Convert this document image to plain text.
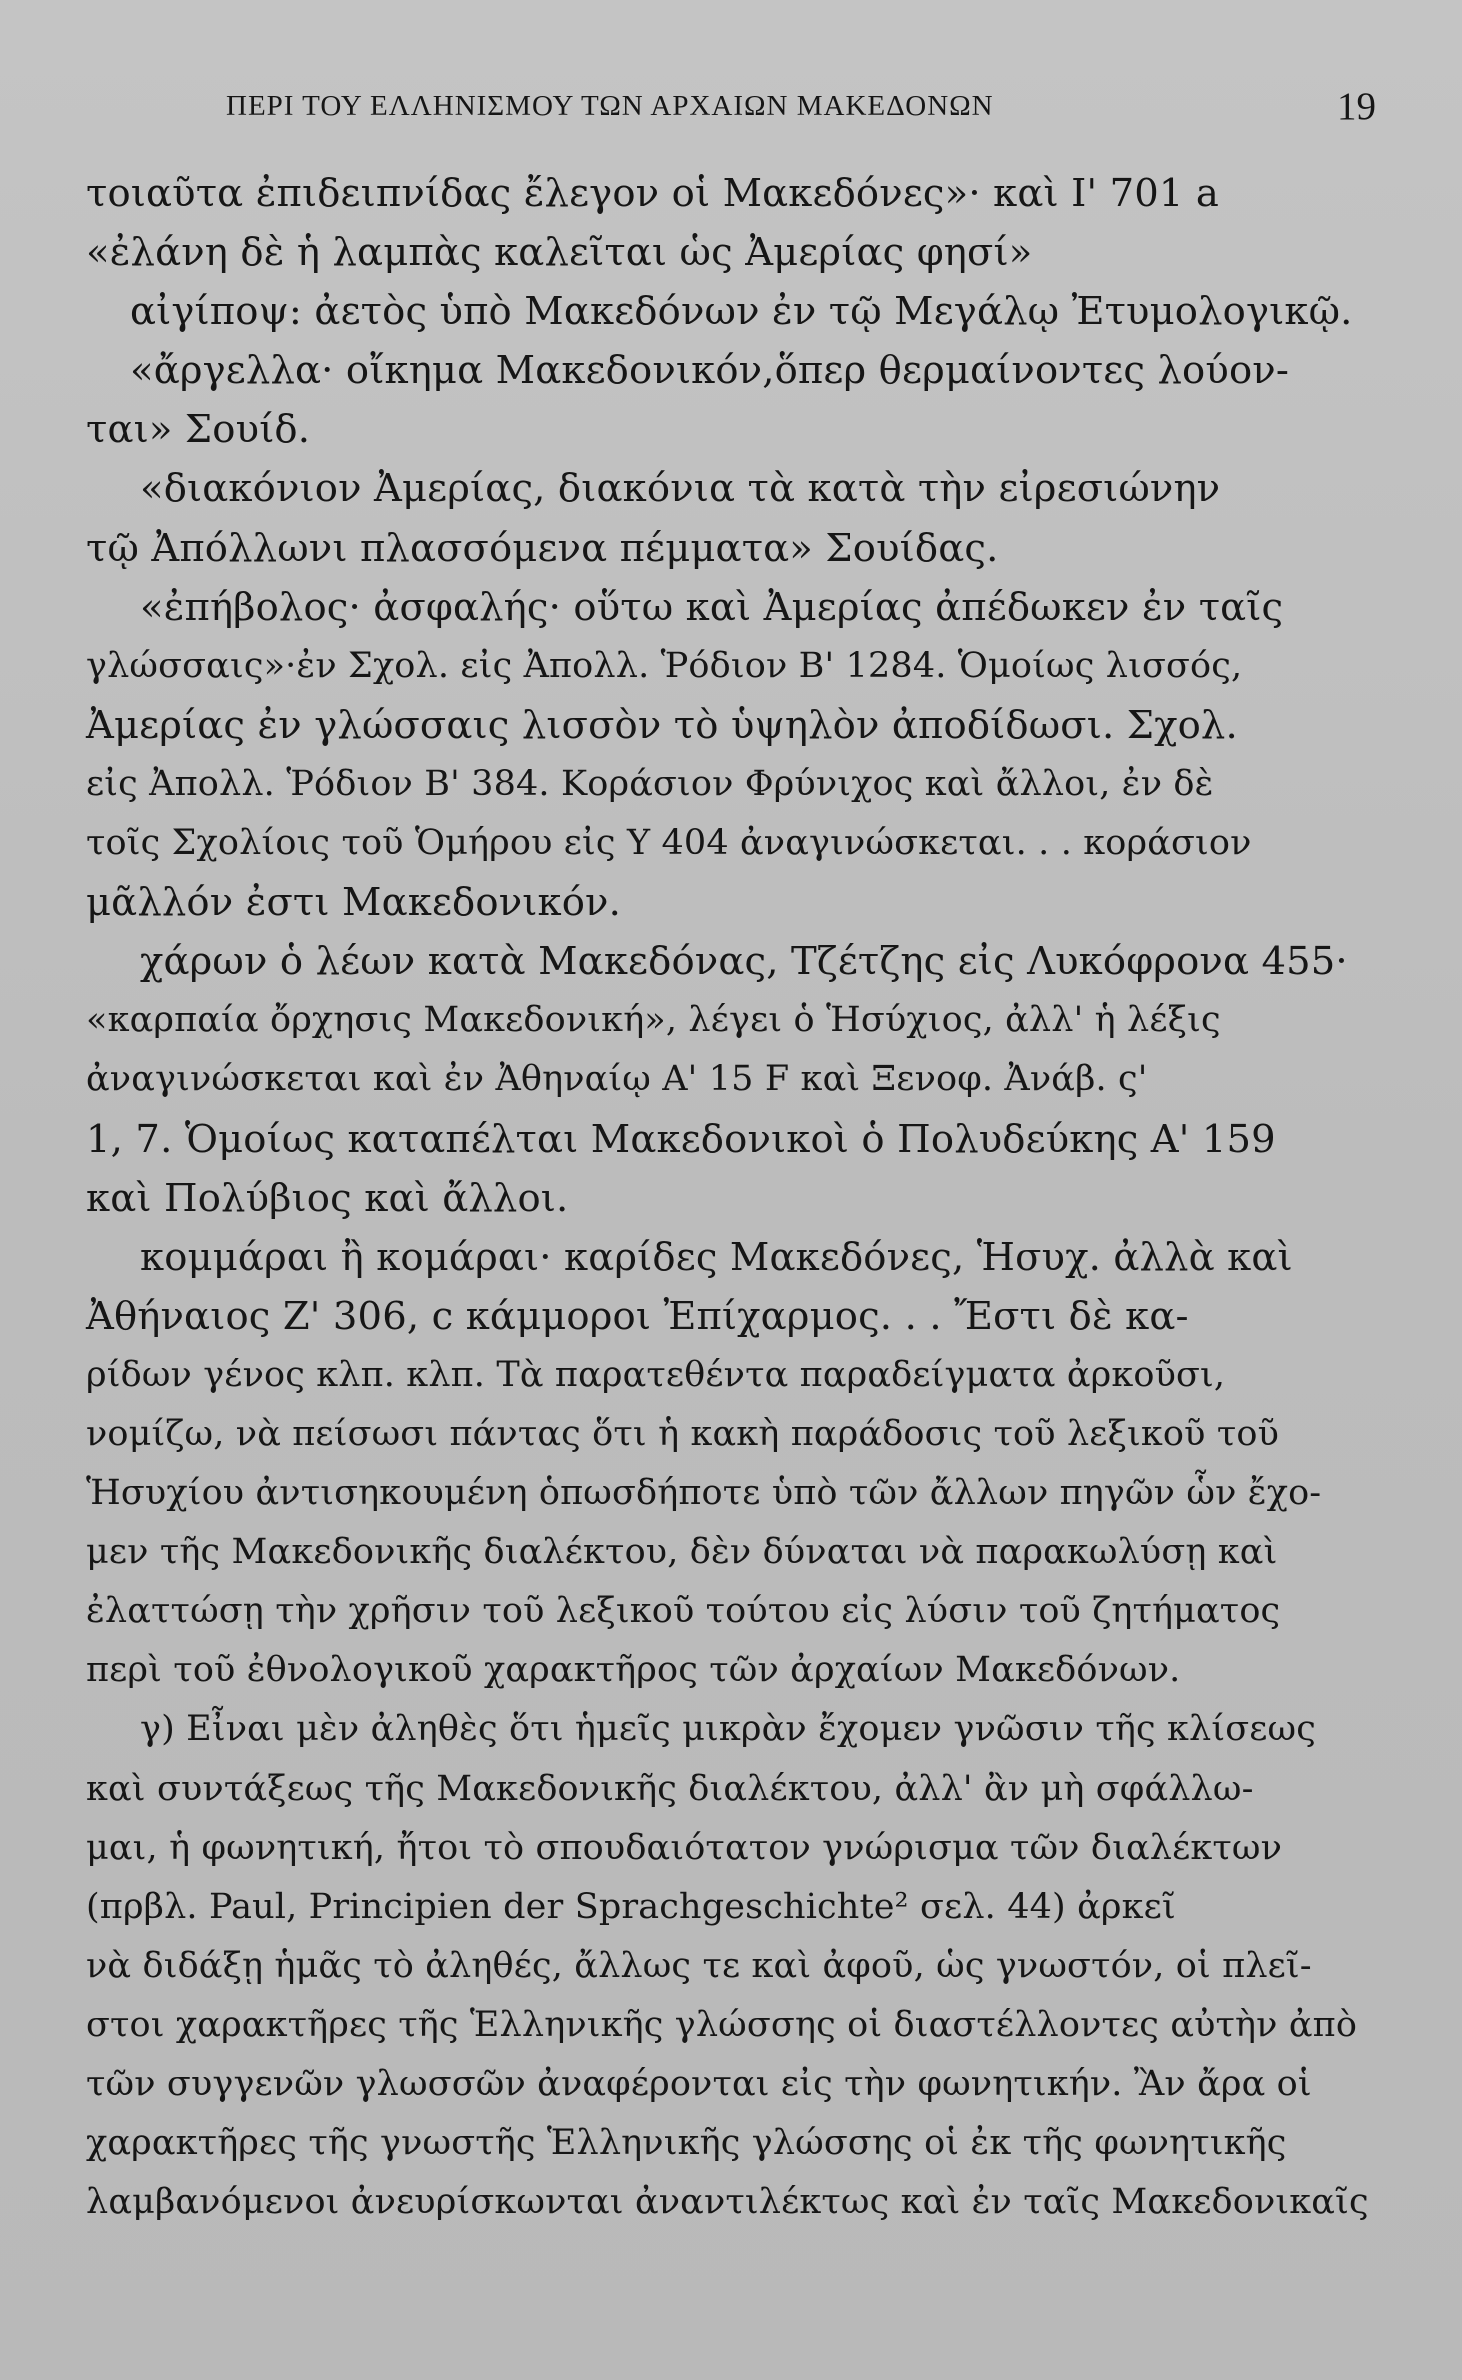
ΠΕΡΙ ΤΟΥ ΕΛΛΗΝΙΣΜΟΥ ΤΩΝ ΑΡΧΑΙΩΝ ΜΑΚΕΔΟΝΩΝ	19
τοιαῦτα ἐπιδειπνίδας ἔλεγον οἱ Μακεδόνες»· καὶ Ι' 701 a
«ἐλάνη δὲ ἡ λαμπὰς καλεῖται ὡς Ἀμερίας φησί»
αἰγίποψ: ἀετὸς ὑπὸ Μακεδόνων ἐν τῷ Μεγάλῳ Ἐτυμολογικῷ.
«ἄργελλα· οἴκημα Μακεδονικόν,ὅπερ θερμαίνοντες λούον-
ται» Σουίδ.
«διακόνιον Ἀμερίας, διακόνια τὰ κατὰ τὴν εἰρεσιώνην
τῷ Ἀπόλλωνι πλασσόμενα πέμματα» Σουίδας.
«ἐπήβολος· ἀσφαλής· οὕτω καὶ Ἀμερίας ἀπέδωκεν ἐν ταῖς
γλώσσαις»·ἐν Σχολ. εἰς Ἀπολλ. Ῥόδιον Β' 1284. Ὁμοίως λισσός,
Ἀμερίας ἐν γλώσσαις λισσὸν τὸ ὑψηλὸν ἀποδίδωσι. Σχολ.
εἰς Ἀπολλ. Ῥόδιον Β' 384. Κοράσιον Φρύνιχος καὶ ἄλλοι, ἐν δὲ
τοῖς Σχολίοις τοῦ Ὁμήρου εἰς Υ 404 ἀναγινώσκεται. . . κοράσιον
μᾶλλόν ἐστι Μακεδονικόν.
χάρων ὁ λέων κατὰ Μακεδόνας, Τζέτζης εἰς Λυκόφρονα 455·
«καρπαία ὄρχησις Μακεδονική», λέγει ὁ Ἡσύχιος, ἀλλ' ἡ λέξις
ἀναγινώσκεται καὶ ἐν Ἀθηναίῳ Α' 15 F καὶ Ξενοφ. Ἀνάβ. ς'
1, 7. Ὁμοίως καταπέλται Μακεδονικοὶ ὁ Πολυδεύκης Α' 159
καὶ Πολύβιος καὶ ἄλλοι.
κομμάραι ἢ κομάραι· καρίδες Μακεδόνες, Ἡσυχ. ἀλλὰ καὶ
Ἀθήναιος Ζ' 306, c κάμμοροι Ἐπίχαρμος. . . Ἔστι δὲ κα-
ρίδων γένος κλπ. κλπ. Τὰ παρατεθέντα παραδείγματα ἀρκοῦσι,
νομίζω, νὰ πείσωσι πάντας ὅτι ἡ κακὴ παράδοσις τοῦ λεξικοῦ τοῦ
Ἡσυχίου ἀντισηκουμένη ὁπωσδήποτε ὑπὸ τῶν ἄλλων πηγῶν ὧν ἔχο-
μεν τῆς Μακεδονικῆς διαλέκτου, δὲν δύναται νὰ παρακωλύσῃ καὶ
ἐλαττώσῃ τὴν χρῆσιν τοῦ λεξικοῦ τούτου εἰς λύσιν τοῦ ζητήματος
περὶ τοῦ ἐθνολογικοῦ χαρακτῆρος τῶν ἀρχαίων Μακεδόνων.
γ) Εἶναι μὲν ἀληθὲς ὅτι ἡμεῖς μικρὰν ἔχομεν γνῶσιν τῆς κλίσεως
καὶ συντάξεως τῆς Μακεδονικῆς διαλέκτου, ἀλλ' ἂν μὴ σφάλλω-
μαι, ἡ φωνητική, ἤτοι τὸ σπουδαιότατον γνώρισμα τῶν διαλέκτων
(πρβλ. Paul, Principien der Sprachgeschichte² σελ. 44) ἀρκεῖ
νὰ διδάξῃ ἡμᾶς τὸ ἀληθές, ἄλλως τε καὶ ἀφοῦ, ὡς γνωστόν, οἱ πλεῖ-
στοι χαρακτῆρες τῆς Ἑλληνικῆς γλώσσης οἱ διαστέλλοντες αὐτὴν ἀπὸ
τῶν συγγενῶν γλωσσῶν ἀναφέρονται εἰς τὴν φωνητικήν. Ἂν ἄρα οἱ
χαρακτῆρες τῆς γνωστῆς Ἑλληνικῆς γλώσσης οἱ ἐκ τῆς φωνητικῆς
λαμβανόμενοι ἀνευρίσκωνται ἀναντιλέκτως καὶ ἐν ταῖς Μακεδονικαῖς
